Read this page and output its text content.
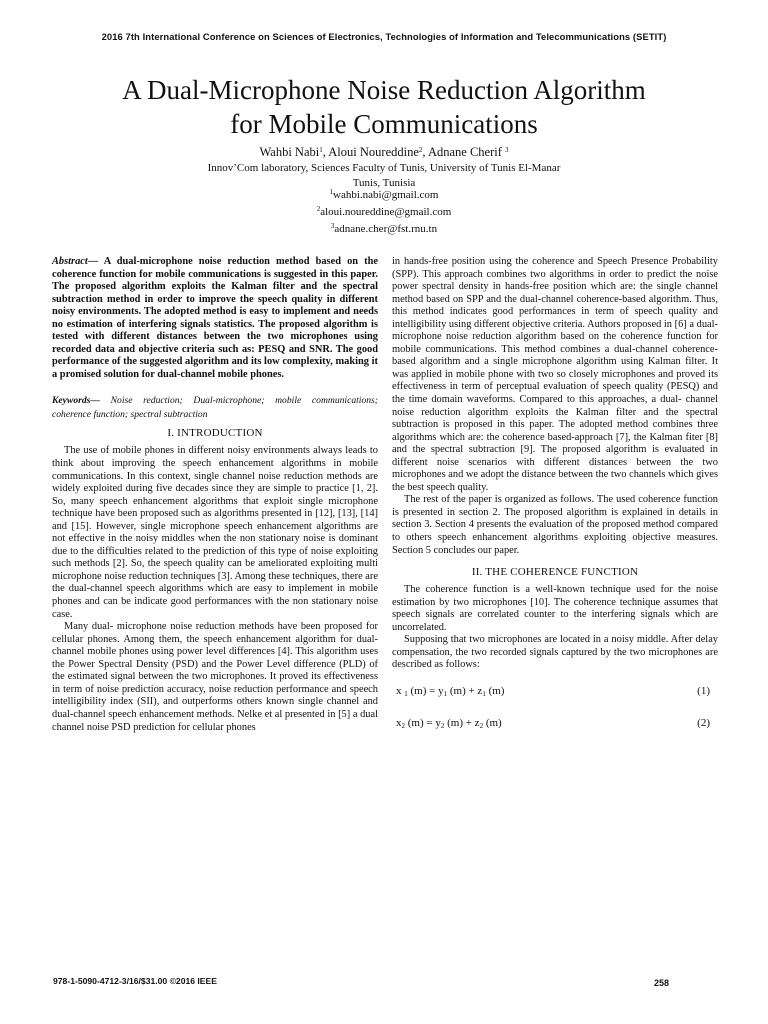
2016 7th International Conference on Sciences of Electronics, Technologies of Information and Telecommunications (SETIT)
A Dual-Microphone Noise Reduction Algorithm
for Mobile Communications
Wahbi Nabi$^1$, Aloui Noureddine$^2$, Adnane Cherif $^3$
Innov’Com laboratory, Sciences Faculty of Tunis, University of Tunis El-Manar
Tunis, Tunisia
$^1$wahbi.nabi@gmail.com
$^2$aloui.noureddine@gmail.com
$^3$adnane.cher@fst.rnu.tn

Abstract— A dual-microphone noise reduction method based on the coherence function for mobile communications is suggested in this paper. The proposed algorithm exploits the Kalman filter and the spectral subtraction method in order to improve the speech quality in different noisy environments. The adopted method is easy to implement and needs no estimation of interfering signals statistics. The proposed algorithm is tested with different distances between the two microphones using recorded data and objective criteria such as: PESQ and SNR. The good performance of the suggested algorithm and its low complexity, making it a promised solution for dual-channel mobile phones.

Keywords— Noise reduction; Dual-microphone; mobile communications; coherence function; spectral subtraction

I. INTRODUCTION

The use of mobile phones in different noisy environments always leads to think about improving the speech enhancement algorithms in mobile communications. In this context, single channel noise reduction methods are widely exploited during five decades since they are simple to practice [1, 2]. So, many speech enhancement algorithms that exploit single microphone technique have been proposed such as algorithms presented in [12], [13], [14] and [15]. However, single microphone speech enhancement algorithms are not effective in the noisy middles when the non stationary noise is dominant due to the difficulties related to the prediction of this type of noise exploiting such methods [2]. So, the speech quality can be ameliorated exploiting multi microphone noise reduction techniques [3]. Among these techniques, there are the dual-channel speech algorithms which are easy to implement in mobile phones and can be indicate good performances with the non stationary noise case.

Many dual- microphone noise reduction methods have been proposed for cellular phones. Among them, the speech enhancement algorithm for dual-channel mobile phones using power level differences [4]. This algorithm uses the Power Spectral Density (PSD) and the Power Level difference (PLD) of the estimated signal between the two microphones. It proved its effectiveness in term of noise prediction accuracy, noise reduction performance and speech intelligibility index (SII), and outperforms others known single channel and dual-channel speech enhancement methods. Nelke et al presented in [5] a dual channel noise PSD prediction for cellular phones

in hands-free position using the coherence and Speech Presence Probability (SPP). This approach combines two algorithms in order to predict the noise power spectral density in hands-free position which are: the single channel method based on SPP and the dual-channel coherence-based algorithm. Thus, this method indicates good performances in term of speech quality and intelligibility using different objective criteria. Authors proposed in [6] a dual-microphone noise reduction algorithm based on the coherence function for mobile communications. This method combines a dual-channel coherence-based algorithm and a single microphone algorithm using Kalman filter. It was applied in mobile phone with two so closely microphones and proved its effectiveness in term of perceptual evaluation of speech quality (PESQ) and the time domain waveforms. Compared to this approaches, a dual- channel noise reduction algorithm exploits the Kalman filter and the spectral subtraction is proposed in this paper. The adopted method combines three algorithms which are: the coherence based-approach [7], the Kalman fiter [8] and the spectral subtraction [9]. The proposed algorithm is evaluated in different noise scenarios with different distances between the two microphones and we adopt the distance between the two channels which gives the best speech quality.

The rest of the paper is organized as follows. The used coherence function is presented in section 2. The proposed algorithm is explained in details in section 3. Section 4 presents the evaluation of the proposed method compared to others speech enhancement algorithms exploiting objective measures. Section 5 concludes our paper.

II. THE COHERENCE FUNCTION

The coherence function is a well-known technique used for the noise estimation by two microphones [10]. The coherence technique assumes that speech signals are correlated counter to the interfering signals which are uncorrelated.

Supposing that two microphones are located in a noisy middle. After delay compensation, the two recorded signals captured by the two microphones are described as follows:

x $_1$ $(m) = y_1$ $(m) + z_1$ (m)	(1)
$x_2$ $(m) = y_2$ $(m) + z_2$ (m)	(2)
978-1-5090-4712-3/16/$31.00 ©2016 IEEE	258
